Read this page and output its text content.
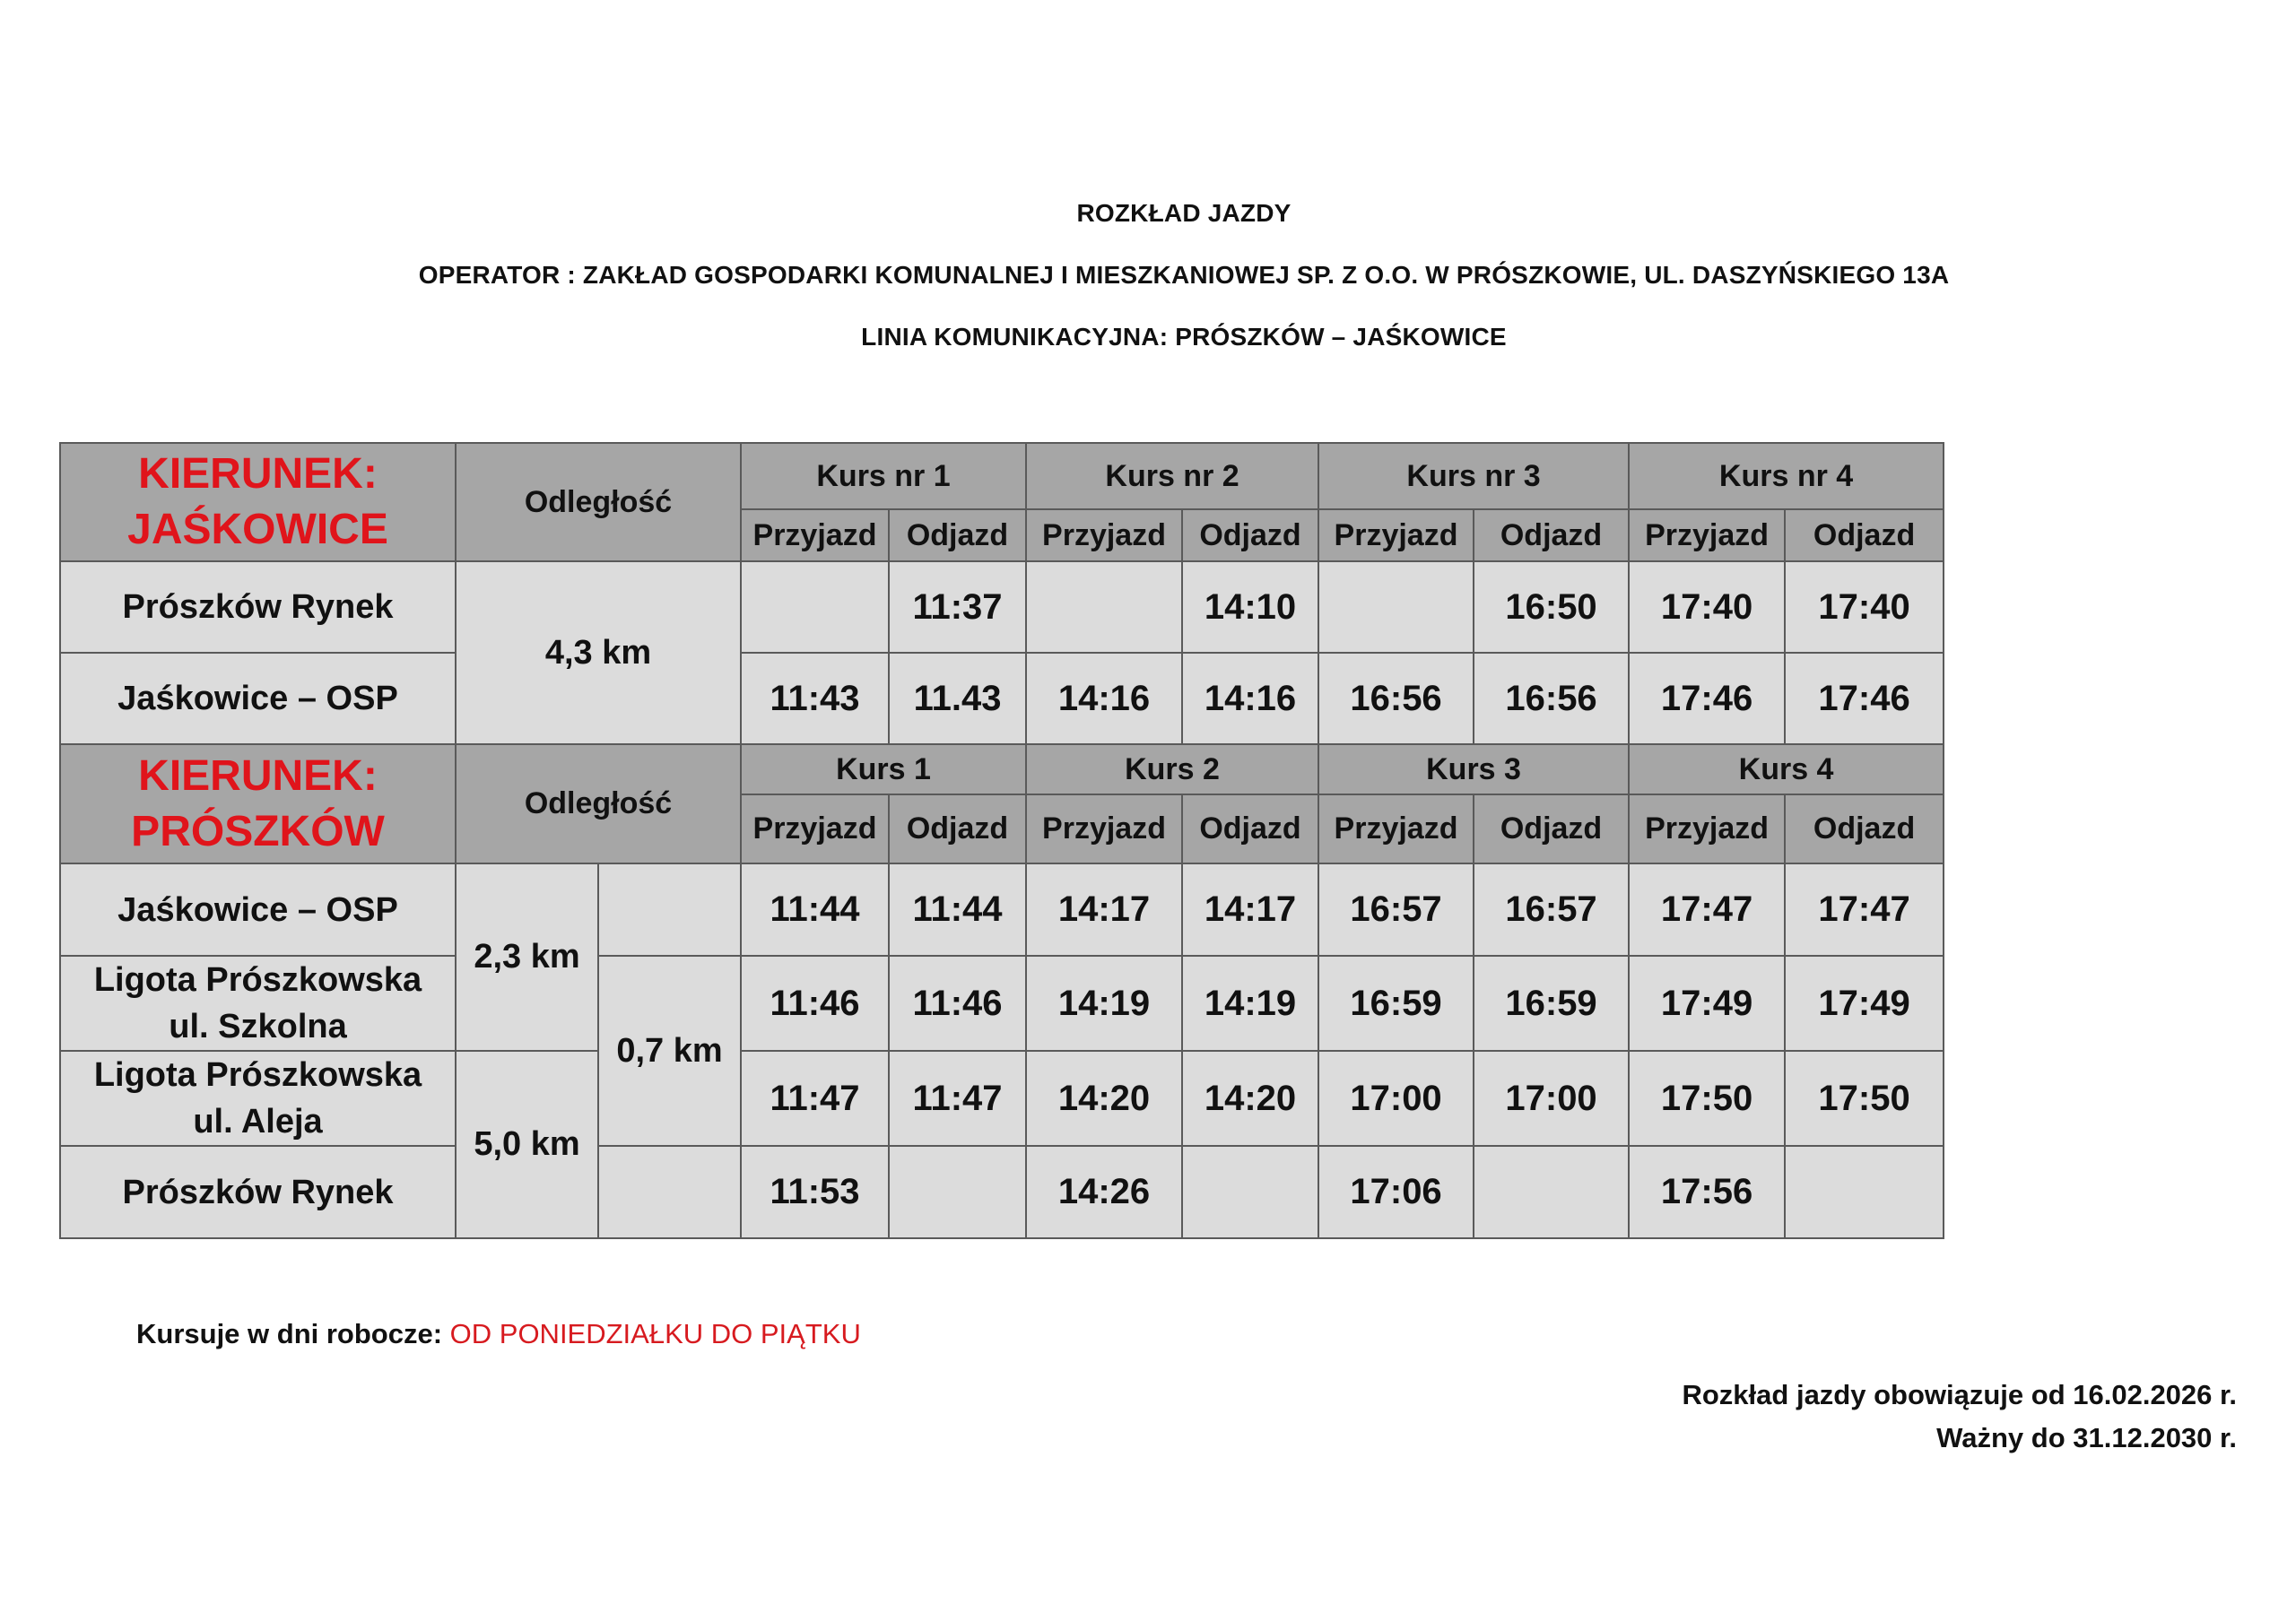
ROZKŁAD JAZDY
OPERATOR : ZAKŁAD GOSPODARKI KOMUNALNEJ I MIESZKANIOWEJ SP. Z O.O. W PRÓSZKOWIE, UL. DASZYŃSKIEGO 13A
LINIA KOMUNIKACYJNA: PRÓSZKÓW – JAŚKOWICE
KIERUNEK:
JAŚKOWICE	Odległość		Kurs nr 1		Kurs nr 2		Kurs nr 3		Kurs nr 4	
			Przyjazd	Odjazd	Przyjazd	Odjazd	Przyjazd	Odjazd	Przyjazd	Odjazd
Prószków Rynek	4,3 km			11:37		14:10		16:50	17:40	17:40
Jaśkowice – OSP			11:43	11.43	14:16	14:16	16:56	16:56	17:46	17:46

KIERUNEK:
PRÓSZKÓW	Odległość		Kurs 1		Kurs 2		Kurs 3		Kurs 4	
			Przyjazd	Odjazd	Przyjazd	Odjazd	Przyjazd	Odjazd	Przyjazd	Odjazd
Jaśkowice – OSP	2,3 km		11:44	11:44	14:17	14:17	16:57	16:57	17:47	17:47

Ligota Prószkowska
ul. Szkolna		0,7 km	11:46	11:46	14:19	14:19	16:59	16:59	17:49	17:49

Ligota Prószkowska
ul. Aleja	5,0 km		11:47	11:47	14:20	14:20	17:00	17:00	17:50	17:50
Prószków Rynek			11:53		14:26		17:06		17:56	
Kursuje w dni robocze: OD PONIEDZIAŁKU DO PIĄTKU
Rozkład jazdy obowiązuje od 16.02.2026 r.
Ważny do 31.12.2030 r.
